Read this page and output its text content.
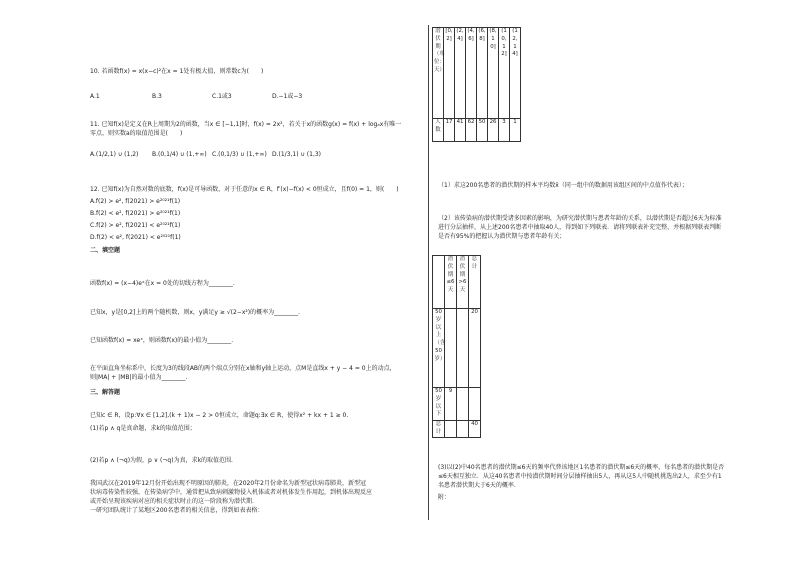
10. 若函数f(x) = x(x−c)²在x = 1处有极大值，则常数c为(　　)
A.1	B.3	C.1或3	D.−1或−3
11. 已知f(x)是定义在R上周期为2的函数，当x ∈ [−1,1]时，f(x) = 2x²，若关于x的函数g(x) = f(x) + logₐx有唯一
零点，则实数a的取值范围是(　　)
A.(1/2,1) ∪ (1,2) B.(0,1/4) ∪ (1,+∞) C.(0,1/3) ∪ (1,+∞) D.(1/3,1) ∪ (1,3)
12. 已知f(x)为自然对数的底数，f(x)是可导函数，对于任意的x ∈ R，f′(x)−f(x) < 0恒成立，且f(0) = 1，则(　　)
A.f(2) > e², f(2021) > e²⁰²¹f(1)
B.f(2) < e², f(2021) > e²⁰²¹f(1)
C.f(2) > e², f(2021) < e²⁰²¹f(1)
D.f(2) < e², f(2021) < e²⁰²¹f(1)
二、填空题
函数f(x) = (x−4)eˣ在x = 0处的切线方程为________.
已知x，y是[0,2]上的两个随机数，则x，y满足y ≥ √(2−x²)的概率为________.
已知函数f(x) = xeˣ，则函数f(x)的最小值为________.
在平面直角坐标系中，长度为3的线段AB的两个端点分别在x轴和y轴上运动，点M是直线x + y − 4 = 0上的动点，
则|MA| + |MB|的最小值为________.
三、解答题
已知c ∈ R，设p:∀x ∈ [1,2],(k + 1)x − 2 > 0恒成立，命题q:∃x ∈ R，使得x² + kx + 1 ≥ 0.
(1)若p ∧ q是真命题，求k的取值范围；
(2)若p ∧ (¬q)为假，p ∨ (¬q)为真，求k的取值范围.
我国武汉在2019年12月份开始出现不明原因的肺炎，在2020年2月份命名为新型冠状病毒肺炎，新型冠
状病毒传染性较强，在传染病学中，通常把从致病刺激物侵入机体或者对机体发生作用起，到机体出现反应
或开始呈现该疾病对应的相关症状时止的这一阶段称为潜伏期.
一研究团队统计了某地区200名患者的相关信息，得到如表表格：
潜伏期（单位：天）	[0,2]	(2,4]	(4,6]	(6,8]	(8,10]	(10,12]	(12,14]
人数	17	41	62	50	26	3	1
（1）求这200名患者的潜伏期的样本平均数x̄（同一组中的数据用该组区间的中点值作代表）；
（2）该传染病的潜伏期受诸多因素的影响，为研究潜伏期与患者年龄的关系，以潜伏期是否超过6天为标准
进行分层抽样，从上述200名患者中抽取40人，得到如下列联表．请将列联表补充完整，并根据列联表判断
是否有95%的把握认为潜伏期与患者年龄有关；
	潜伏期≤6天	潜伏期>6天	总计
50岁以上（含50岁）			20
50岁以下	9		
总计			40
(3)以(2)中40名患者的潜伏期≤6天的频率代替该地区1名患者的潜伏期≤6天的概率，每名患者的潜伏期是否
≤6天相互独立．从这40名患者中按潜伏期时间分层抽样抽出5人，再从这5人中随机挑选出2人，求至少有1
名患者潜伏期大于6天的概率.
附：
